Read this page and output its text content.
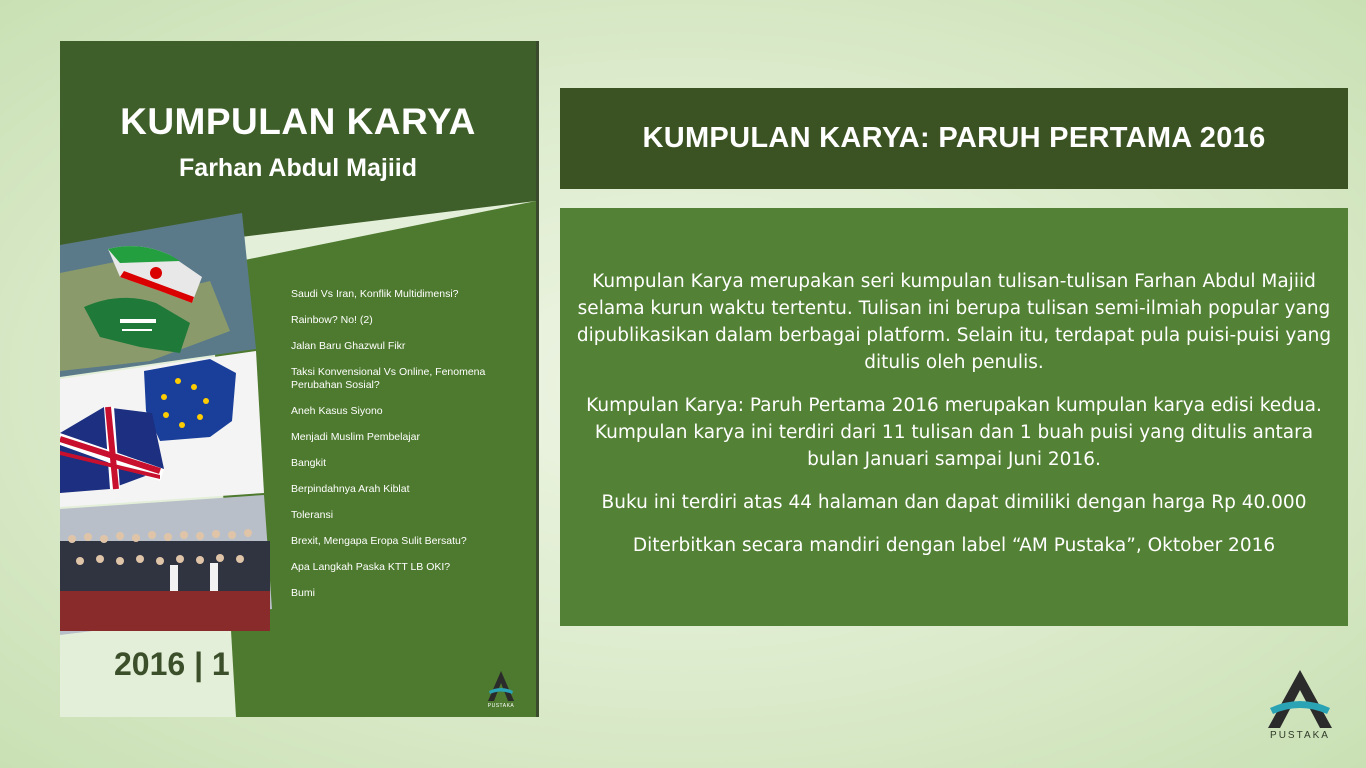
KUMPULAN KARYA
Farhan Abdul Majiid
Saudi Vs Iran, Konflik Multidimensi?
Rainbow? No! (2)
Jalan Baru Ghazwul Fikr
Taksi Konvensional Vs Online, Fenomena Perubahan Sosial?
Aneh Kasus Siyono
Menjadi Muslim Pembelajar
Bangkit
Berpindahnya Arah Kiblat
Toleransi
Brexit, Mengapa Eropa Sulit Bersatu?
Apa Langkah Paska KTT LB OKI?
Bumi
2016 | 1
PUSTAKA
KUMPULAN KARYA: PARUH PERTAMA 2016

Kumpulan Karya merupakan seri kumpulan tulisan-tulisan Farhan Abdul Majiid selama kurun waktu tertentu. Tulisan ini berupa tulisan semi-ilmiah popular yang dipublikasikan dalam berbagai platform. Selain itu, terdapat pula puisi-puisi yang ditulis oleh penulis.

Kumpulan Karya: Paruh Pertama 2016 merupakan kumpulan karya edisi kedua. Kumpulan karya ini terdiri dari 11 tulisan dan 1 buah puisi yang ditulis antara bulan Januari sampai Juni 2016.

Buku ini terdiri atas 44 halaman dan dapat dimiliki dengan harga Rp 40.000

Diterbitkan secara mandiri dengan label “AM Pustaka”, Oktober 2016

PUSTAKA
